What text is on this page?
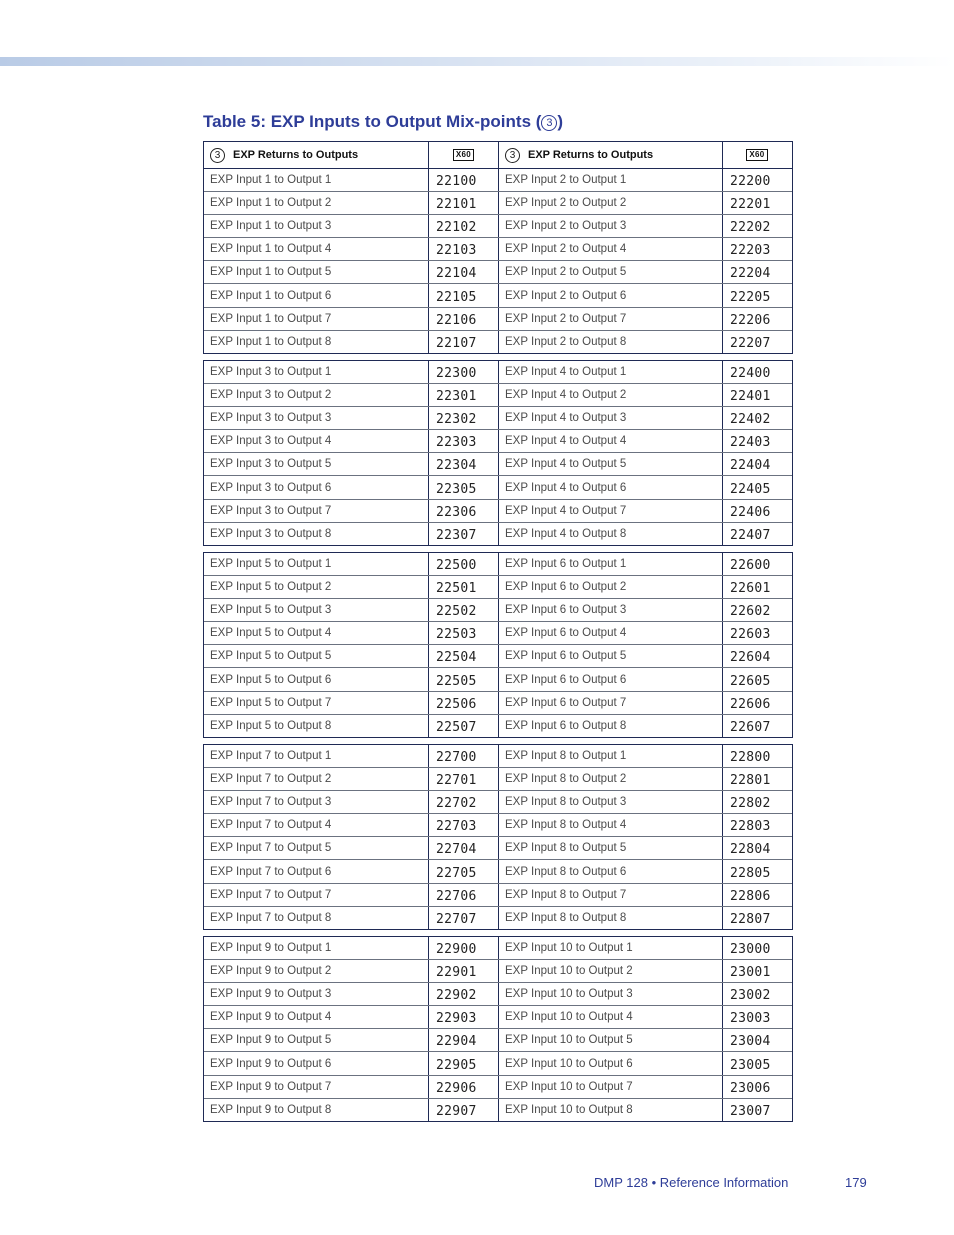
Table 5: EXP Inputs to Output Mix-points ( 3 )
3	EXP Returns to Outputs	X60	3	EXP Returns to Outputs	X60
EXP Input 1 to Output 1	22100	EXP Input 2 to Output 1	22200
EXP Input 1 to Output 2	22101	EXP Input 2 to Output 2	22201
EXP Input 1 to Output 3	22102	EXP Input 2 to Output 3	22202
EXP Input 1 to Output 4	22103	EXP Input 2 to Output 4	22203
EXP Input 1 to Output 5	22104	EXP Input 2 to Output 5	22204
EXP Input 1 to Output 6	22105	EXP Input 2 to Output 6	22205
EXP Input 1 to Output 7	22106	EXP Input 2 to Output 7	22206
EXP Input 1 to Output 8	22107	EXP Input 2 to Output 8	22207
EXP Input 3 to Output 1	22300	EXP Input 4 to Output 1	22400
EXP Input 3 to Output 2	22301	EXP Input 4 to Output 2	22401
EXP Input 3 to Output 3	22302	EXP Input 4 to Output 3	22402
EXP Input 3 to Output 4	22303	EXP Input 4 to Output 4	22403
EXP Input 3 to Output 5	22304	EXP Input 4 to Output 5	22404
EXP Input 3 to Output 6	22305	EXP Input 4 to Output 6	22405
EXP Input 3 to Output 7	22306	EXP Input 4 to Output 7	22406
EXP Input 3 to Output 8	22307	EXP Input 4 to Output 8	22407
EXP Input 5 to Output 1	22500	EXP Input 6 to Output 1	22600
EXP Input 5 to Output 2	22501	EXP Input 6 to Output 2	22601
EXP Input 5 to Output 3	22502	EXP Input 6 to Output 3	22602
EXP Input 5 to Output 4	22503	EXP Input 6 to Output 4	22603
EXP Input 5 to Output 5	22504	EXP Input 6 to Output 5	22604
EXP Input 5 to Output 6	22505	EXP Input 6 to Output 6	22605
EXP Input 5 to Output 7	22506	EXP Input 6 to Output 7	22606
EXP Input 5 to Output 8	22507	EXP Input 6 to Output 8	22607
EXP Input 7 to Output 1	22700	EXP Input 8 to Output 1	22800
EXP Input 7 to Output 2	22701	EXP Input 8 to Output 2	22801
EXP Input 7 to Output 3	22702	EXP Input 8 to Output 3	22802
EXP Input 7 to Output 4	22703	EXP Input 8 to Output 4	22803
EXP Input 7 to Output 5	22704	EXP Input 8 to Output 5	22804
EXP Input 7 to Output 6	22705	EXP Input 8 to Output 6	22805
EXP Input 7 to Output 7	22706	EXP Input 8 to Output 7	22806
EXP Input 7 to Output 8	22707	EXP Input 8 to Output 8	22807
EXP Input 9 to Output 1	22900	EXP Input 10 to Output 1	23000
EXP Input 9 to Output 2	22901	EXP Input 10 to Output 2	23001
EXP Input 9 to Output 3	22902	EXP Input 10 to Output 3	23002
EXP Input 9 to Output 4	22903	EXP Input 10 to Output 4	23003
EXP Input 9 to Output 5	22904	EXP Input 10 to Output 5	23004
EXP Input 9 to Output 6	22905	EXP Input 10 to Output 6	23005
EXP Input 9 to Output 7	22906	EXP Input 10 to Output 7	23006
EXP Input 9 to Output 8	22907	EXP Input 10 to Output 8	23007
DMP 128 • Reference Information	179
